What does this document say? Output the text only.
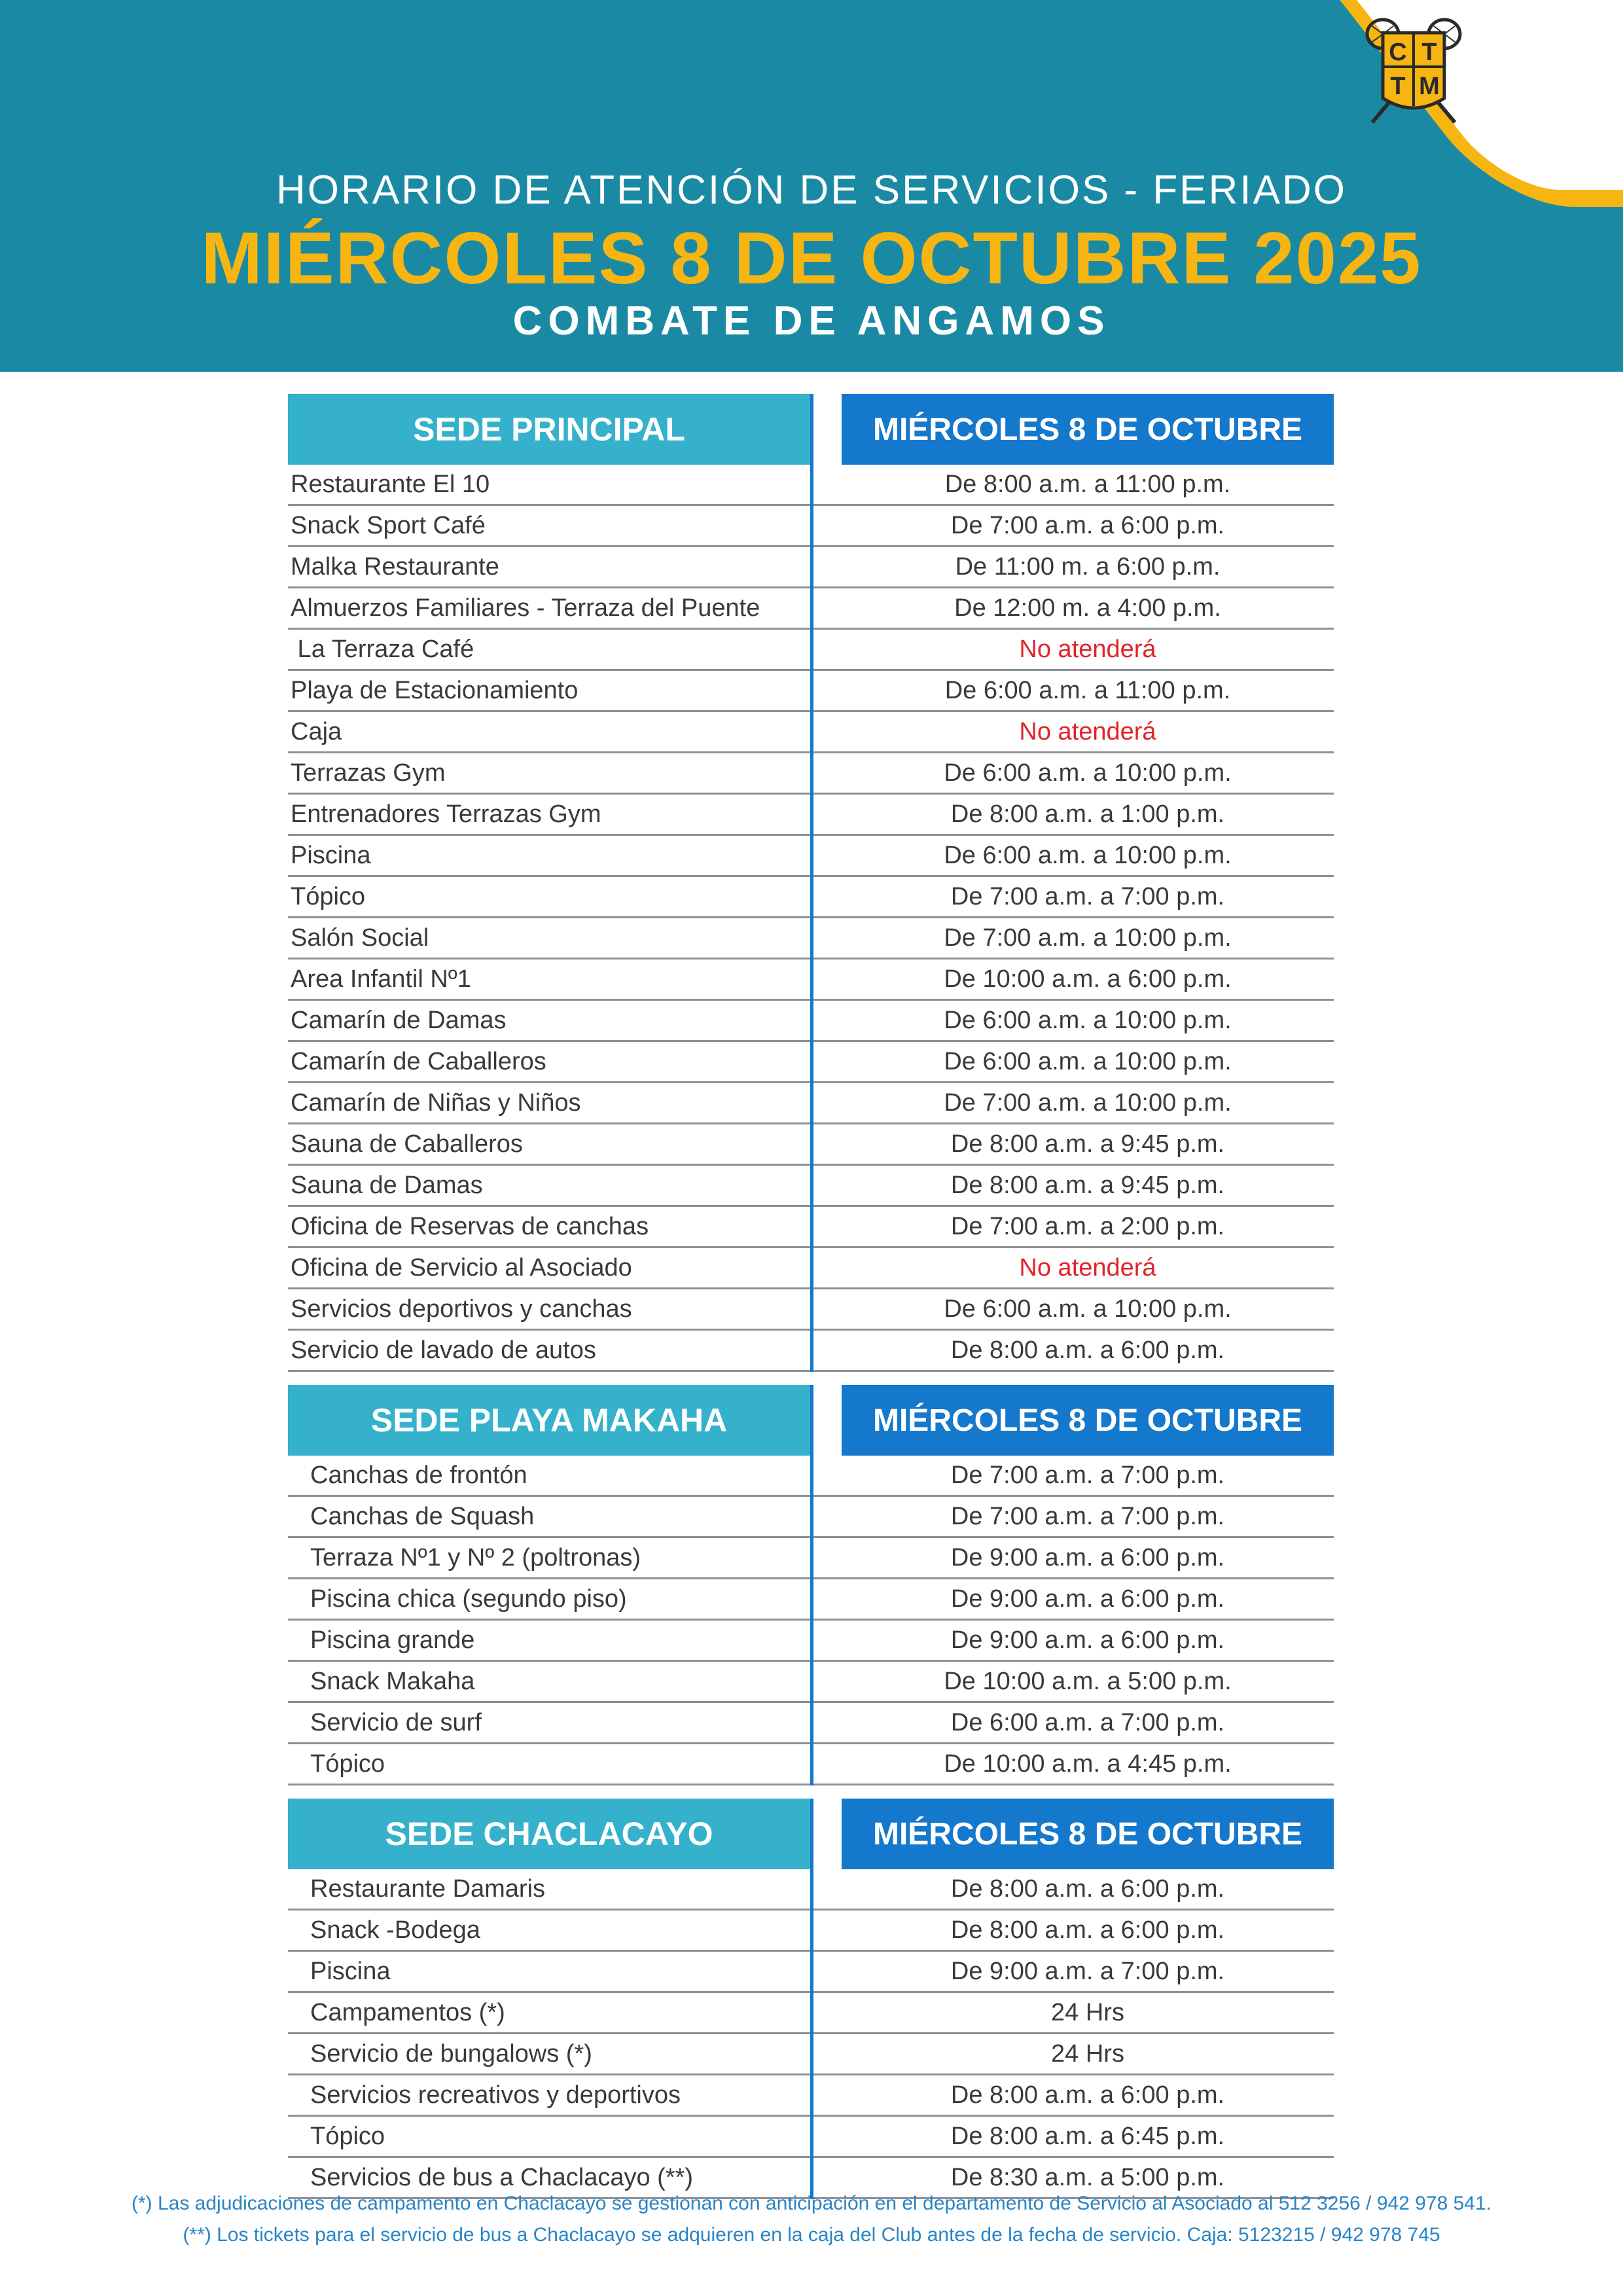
C T
T M
HORARIO DE ATENCIÓN DE SERVICIOS - FERIADO
MIÉRCOLES 8 DE OCTUBRE 2025
COMBATE DE ANGAMOS
SEDE PRINCIPAL	MIÉRCOLES 8 DE OCTUBRE
Restaurante El 10	De 8:00 a.m. a 11:00 p.m.
Snack Sport Café	De 7:00 a.m. a 6:00 p.m.
Malka Restaurante	De 11:00 m. a 6:00 p.m.
Almuerzos Familiares - Terraza del Puente	De 12:00 m. a 4:00 p.m.
La Terraza Café	No atenderá
Playa de Estacionamiento	De 6:00 a.m. a 11:00 p.m.
Caja	No atenderá
Terrazas Gym	De 6:00 a.m. a 10:00 p.m.
Entrenadores Terrazas Gym	De 8:00 a.m. a 1:00 p.m.
Piscina	De 6:00 a.m. a 10:00 p.m.
Tópico	De 7:00 a.m. a 7:00 p.m.
Salón Social	De 7:00 a.m. a 10:00 p.m.
Area Infantil Nº1	De 10:00 a.m. a 6:00 p.m.
Camarín de Damas	De 6:00 a.m. a 10:00 p.m.
Camarín de Caballeros	De 6:00 a.m. a 10:00 p.m.
Camarín de Niñas y Niños	De 7:00 a.m. a 10:00 p.m.
Sauna de Caballeros	De 8:00 a.m. a 9:45 p.m.
Sauna de Damas	De 8:00 a.m. a 9:45 p.m.
Oficina de Reservas de canchas	De 7:00 a.m. a 2:00 p.m.
Oficina de Servicio al Asociado	No atenderá
Servicios deportivos y canchas	De 6:00 a.m. a 10:00 p.m.
Servicio de lavado de autos	De 8:00 a.m. a 6:00 p.m.
SEDE PLAYA MAKAHA	MIÉRCOLES 8 DE OCTUBRE
Canchas de frontón	De 7:00 a.m. a 7:00 p.m.
Canchas de Squash	De 7:00 a.m. a 7:00 p.m.
Terraza Nº1 y Nº 2 (poltronas)	De 9:00 a.m. a 6:00 p.m.
Piscina chica (segundo piso)	De 9:00 a.m. a 6:00 p.m.
Piscina grande	De 9:00 a.m. a 6:00 p.m.
Snack Makaha	De 10:00 a.m. a 5:00 p.m.
Servicio de surf	De 6:00 a.m. a 7:00 p.m.
Tópico	De 10:00 a.m. a 4:45 p.m.
SEDE CHACLACAYO	MIÉRCOLES 8 DE OCTUBRE
Restaurante Damaris	De 8:00 a.m. a 6:00 p.m.
Snack -Bodega	De 8:00 a.m. a 6:00 p.m.
Piscina	De 9:00 a.m. a 7:00 p.m.
Campamentos (*)	24 Hrs
Servicio de bungalows (*)	24 Hrs
Servicios recreativos y deportivos	De 8:00 a.m. a 6:00 p.m.
Tópico	De 8:00 a.m. a 6:45 p.m.
Servicios de bus a Chaclacayo (**)	De 8:30 a.m. a 5:00 p.m.
(*) Las adjudicaciones de campamento en Chaclacayo se gestionan con anticipación en el departamento de Servicio al Asociado al 512 3256 / 942 978 541.
(**) Los tickets para el servicio de bus a Chaclacayo se adquieren en la caja del Club antes de la fecha de servicio. Caja: 5123215 / 942 978 745
